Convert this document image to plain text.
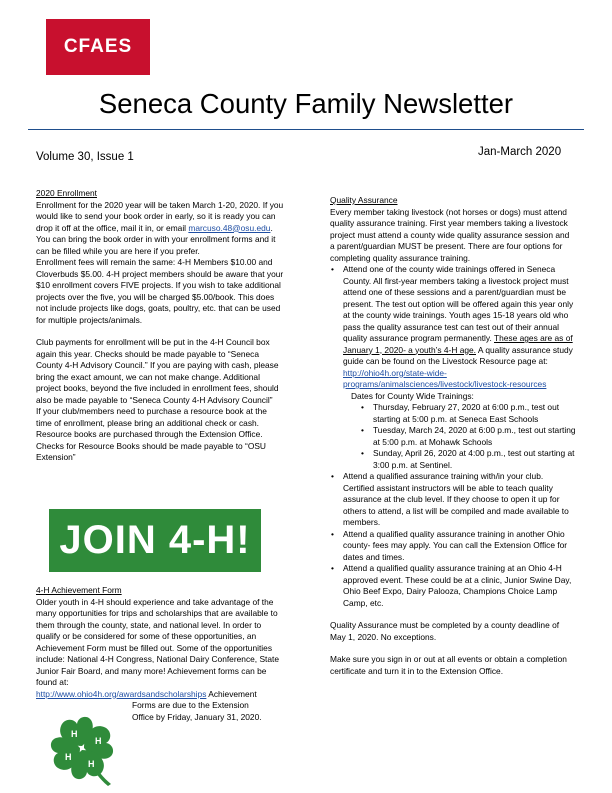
CFAES
Seneca County Family Newsletter
Volume 30, Issue 1	Jan-March 2020

2020 Enrollment

Enrollment for the 2020 year will be taken March 1-20, 2020. If you would like to send your book order in early, so it is ready you can drop it off at the office, mail it in, or email marcuso.48@osu.edu. You can bring the book order in with your enrollment forms and it can be filled while you are here if you prefer.

Enrollment fees will remain the same: 4-H Members $10.00 and Cloverbuds $5.00. 4-H project members should be aware that your $10 enrollment covers FIVE projects. If you wish to take additional projects over the five, you will be charged $5.00/book. This does not include projects like dogs, goats, poultry, etc. that can be used for multiple projects/animals.

Club payments for enrollment will be put in the 4-H Council box again this year. Checks should be made payable to “Seneca County 4-H Advisory Council.” If you are paying with cash, please bring the exact amount, we can not make change. Additional project books, beyond the five included in enrollment fees, should also be made payable to “Seneca County 4-H Advisory Council”

If your club/members need to purchase a resource book at the time of enrollment, please bring an additional check or cash. Resource books are purchased through the Extension Office. Checks for Resource Books should be made payable to “OSU Extension”

JOIN 4-H!

4-H Achievement Form

Older youth in 4-H should experience and take advantage of the many opportunities for trips and scholarships that are available to them through the county, state, and national level. In order to qualify or be considered for some of these opportunities, an Achievement Form must be filled out. Some of the opportunities include: National 4-H Congress, National Dairy Conference, State Junior Fair Board, and many more! Achievement forms can be found at:

http://www.ohio4h.org/awardsandscholarships Achievement

Forms are due to the Extension

Office by Friday, January 31, 2020.

H
H
H
H

Quality Assurance

Every member taking livestock (not horses or dogs) must attend quality assurance training. First year members taking a livestock project must attend a county wide quality assurance session and a parent/guardian MUST be present. There are four options for completing quality assurance training.

• Attend one of the county wide trainings offered in Seneca County. All first-year members taking a livestock project must attend one of these sessions and a parent/guardian must be present. The test out option will be offered again this year only at the county wide trainings. Youth ages 15-18 years old who pass the quality assurance test can test out of their annual quality assurance program permanently. These ages are as of January 1, 2020- a youth’s 4-H age. A quality assurance study guide can be found on the Livestock Resource page at:
http://ohio4h.org/state-wide-programs/animalsciences/livestock/livestock-resources
Dates for County Wide Trainings:
• Thursday, February 27, 2020 at 6:00 p.m., test out starting at 5:00 p.m. at Seneca East Schools
• Tuesday, March 24, 2020 at 6:00 p.m., test out starting at 5:00 p.m. at Mohawk Schools
• Sunday, April 26, 2020 at 4:00 p.m., test out starting at 3:00 p.m. at Sentinel.
• Attend a qualified assurance training with/in your club. Certified assistant instructors will be able to teach quality assurance at the club level. If they choose to open it up for others to attend, a list will be compiled and made available to members.
• Attend a qualified quality assurance training in another Ohio county- fees may apply. You can call the Extension Office for dates and times.
• Attend a qualified quality assurance training at an Ohio 4-H approved event. These could be at a clinic, Junior Swine Day, Ohio Beef Expo, Dairy Palooza, Champions Choice Lamp Camp, etc.

Quality Assurance must be completed by a county deadline of May 1, 2020. No exceptions.

Make sure you sign in or out at all events or obtain a completion certificate and turn it in to the Extension Office.
